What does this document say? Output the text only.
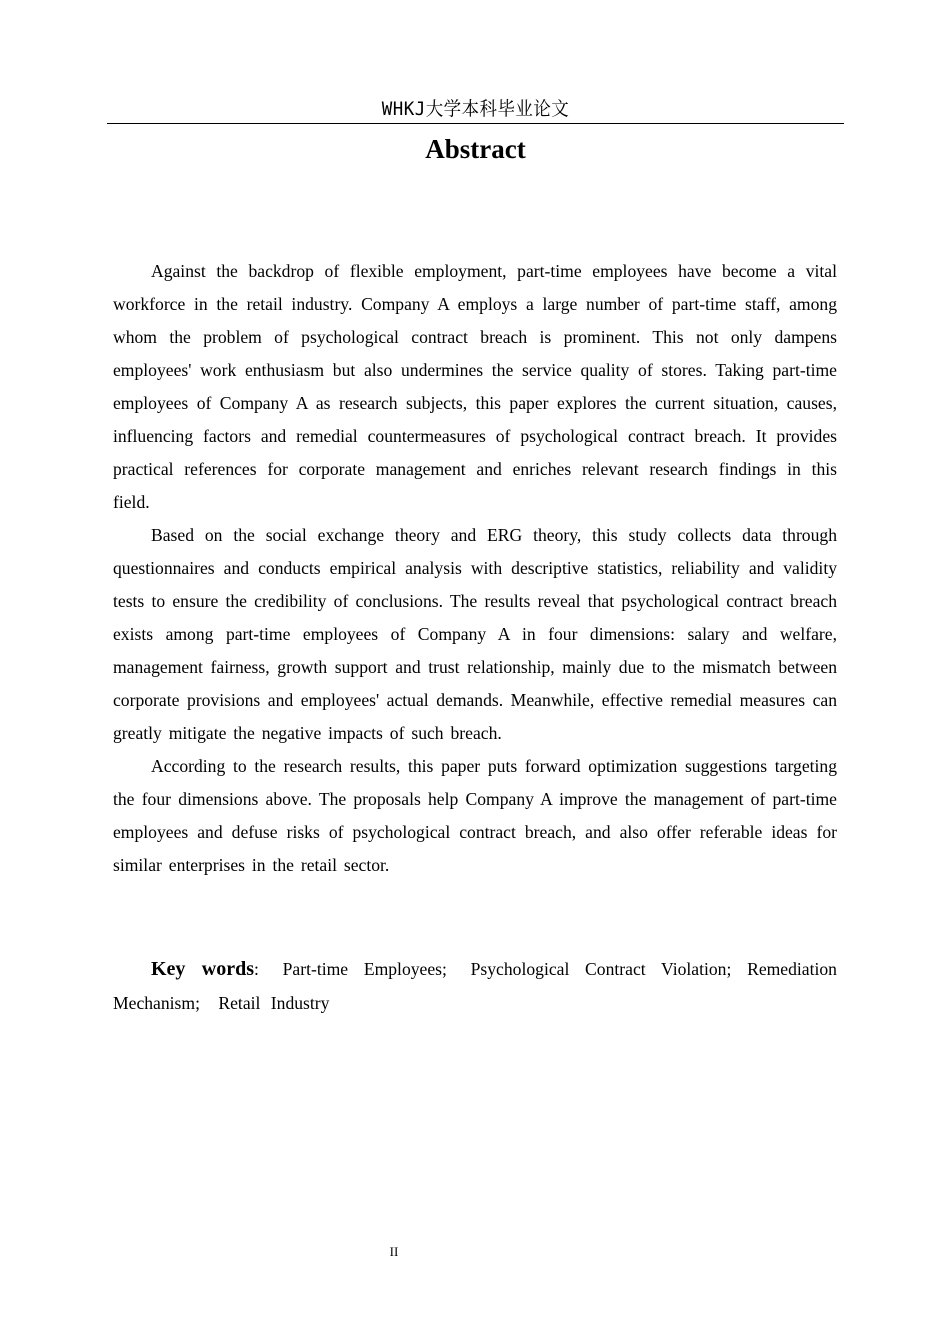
WHKJ大学本科毕业论文
Abstract

Against the backdrop of flexible employment, part-time employees have become a vital workforce in the retail industry. Company A employs a large number of part-time staff, among whom the problem of psychological contract breach is prominent. This not only dampens employees' work enthusiasm but also undermines the service quality of stores. Taking part-time employees of Company A as research subjects, this paper explores the current situation, causes, influencing factors and remedial countermeasures of psychological contract breach. It provides practical references for corporate management and enriches relevant research findings in this field.

Based on the social exchange theory and ERG theory, this study collects data through questionnaires and conducts empirical analysis with descriptive statistics, reliability and validity tests to ensure the credibility of conclusions. The results reveal that psychological contract breach exists among part-time employees of Company A in four dimensions: salary and welfare, management fairness, growth support and trust relationship, mainly due to the mismatch between corporate provisions and employees' actual demands. Meanwhile, effective remedial measures can greatly mitigate the negative impacts of such breach.

According to the research results, this paper puts forward optimization suggestions targeting the four dimensions above. The proposals help Company A improve the management of part-time employees and defuse risks of psychological contract breach, and also offer referable ideas for similar enterprises in the retail sector.

Key words: Part-time Employees; Psychological Contract Violation; Remediation Mechanism; Retail Industry
II
